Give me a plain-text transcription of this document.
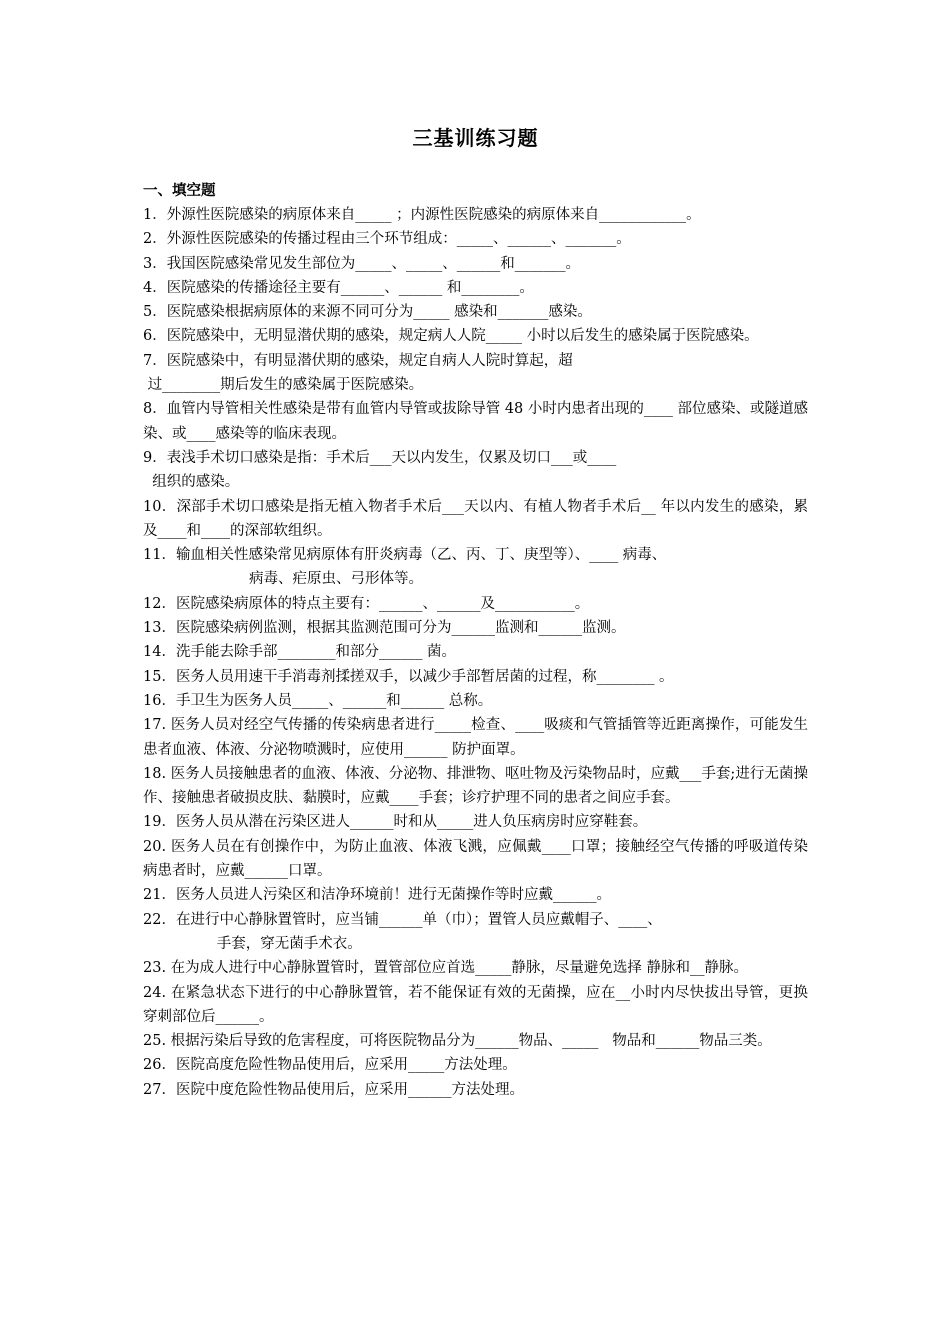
三基训练习题

一、填空题

1．外源性医院感染的病原体来自_____ ；内源性医院感染的病原体来自____________。

2．外源性医院感染的传播过程由三个环节组成：_____、______、_______。

3．我国医院感染常见发生部位为_____、_____、______和_______。

4．医院感染的传播途径主要有______、______ 和________。

5．医院感染根据病原体的来源不同可分为_____ 感染和_______感染。

6．医院感染中，无明显潜伏期的感染，规定病人人院_____ 小时以后发生的感染属于医院感染。

7．医院感染中，有明显潜伏期的感染，规定自病人人院时算起，超
过________期后发生的感染属于医院感染。

8．血管内导管相关性感染是带有血管内导管或拔除导管 48 小时内患者出现的____ 部位感染、或隧道感染、或____感染等的临床表现。

9．表浅手术切口感染是指：手术后___天以内发生，仅累及切口___或____
组织的感染。

10．深部手术切口感染是指无植入物者手术后___天以内、有植人物者手术后__ 年以内发生的感染，累及____和____的深部软组织。

11．输血相关性感染常见病原体有肝炎病毒（乙、丙、丁、庚型等）、____ 病毒、
病毒、疟原虫、弓形体等。

12．医院感染病原体的特点主要有：______、______及___________。

13．医院感染病例监测，根据其监测范围可分为______监测和______监测。

14．洗手能去除手部________和部分______ 菌。

15．医务人员用速干手消毒剂揉搓双手，以减少手部暂居菌的过程，称________ 。

16．手卫生为医务人员_____、______和______ 总称。

17. 医务人员对经空气传播的传染病患者进行_____检查、____吸痰和气管插管等近距离操作，可能发生患者血液、体液、分泌物喷溅时，应使用______ 防护面罩。

18. 医务人员接触患者的血液、体液、分泌物、排泄物、呕吐物及污染物品时，应戴___手套;进行无菌操作、接触患者破损皮肤、黏膜时，应戴____手套；诊疗护理不同的患者之间应手套。

19．医务人员从潜在污染区进人______时和从_____进人负压病房时应穿鞋套。

20. 医务人员在有创操作中，为防止血液、体液飞溅，应佩戴____口罩；接触经空气传播的呼吸道传染病患者时，应戴______口罩。

21．医务人员进人污染区和洁净环境前！进行无菌操作等时应戴______。

22．在进行中心静脉置管时，应当铺______单（巾）；置管人员应戴帽子、____、
手套，穿无菌手术衣。

23. 在为成人进行中心静脉置管时，置管部位应首选_____静脉，尽量避免选择 静脉和__静脉。

24. 在紧急状态下进行的中心静脉置管，若不能保证有效的无菌操，应在__小时内尽快拔出导管，更换穿刺部位后______。

25. 根据污染后导致的危害程度，可将医院物品分为______物品、_____   物品和______物品三类。

26．医院高度危险性物品使用后，应采用_____方法处理。

27．医院中度危险性物品使用后，应采用______方法处理。
